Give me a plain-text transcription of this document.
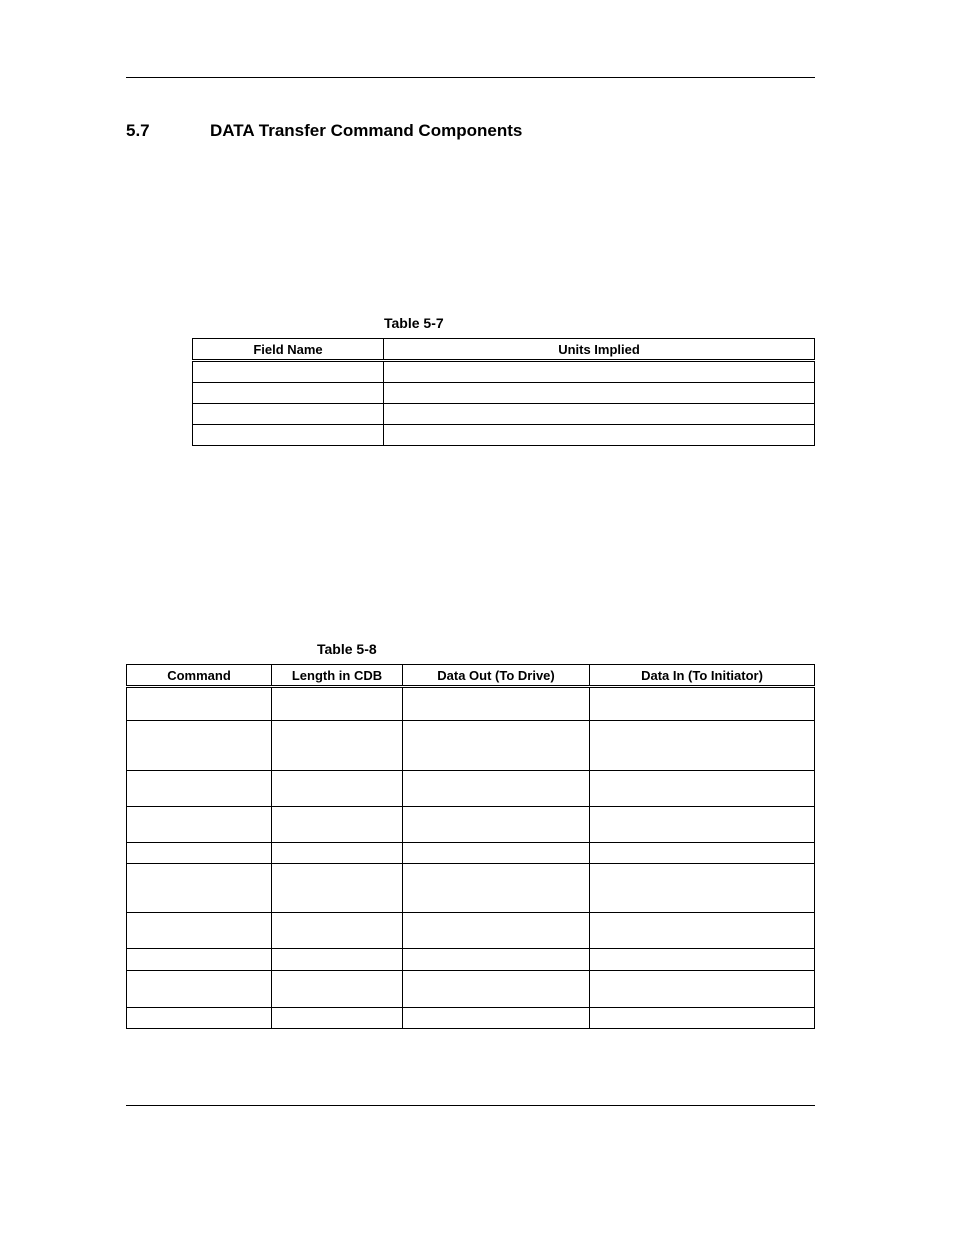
5.7	DATA Transfer Command Components
Table 5-7
Field Name	Units Implied

Table 5-8
Command	Length in CDB	Data Out (To Drive)	Data In (To Initiator)
